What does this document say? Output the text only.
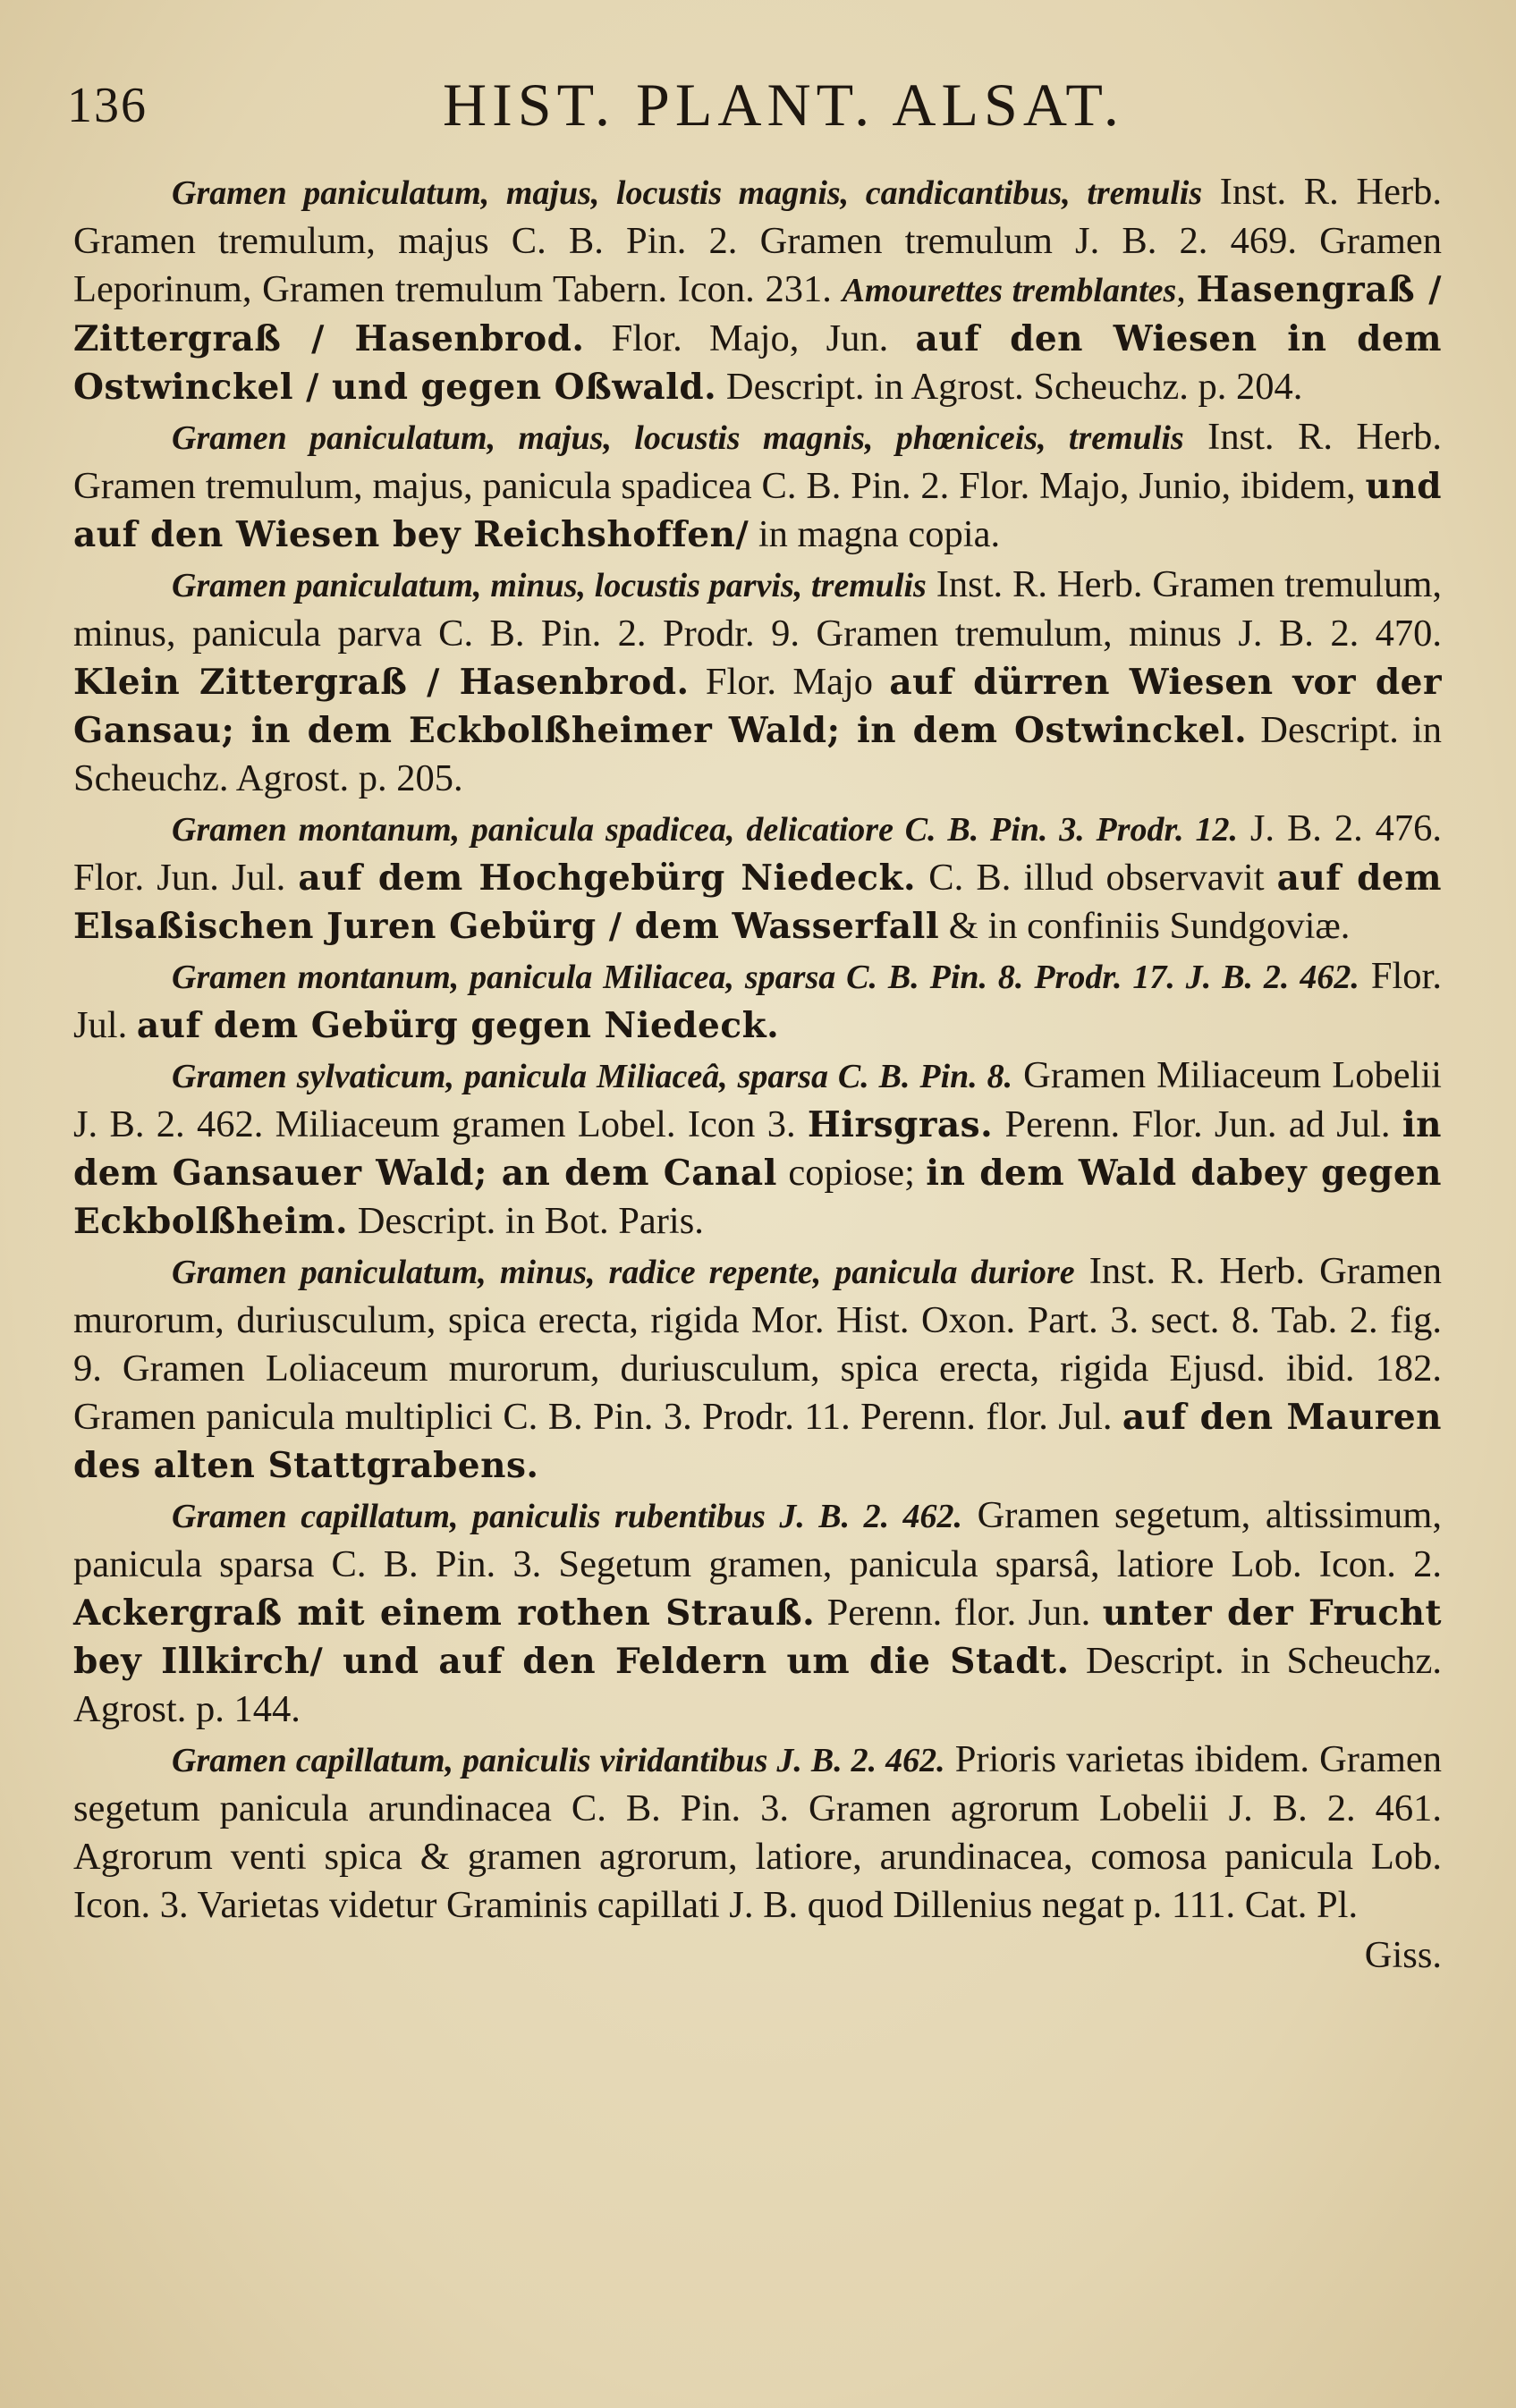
136	HIST. PLANT. ALSAT.

Gramen paniculatum, majus, locustis magnis, candicantibus, tremulis Inst. R. Herb. Gramen tremulum, majus C. B. Pin. 2. Gramen tremulum J. B. 2. 469. Gramen Leporinum, Gramen tremulum Tabern. Icon. 231. Amourettes tremblantes, Hasengraß / Zittergraß / Hasenbrod. Flor. Majo, Jun. auf den Wiesen in dem Ostwinckel / und gegen Oßwald. Descript. in Agrost. Scheuchz. p. 204.

Gramen paniculatum, majus, locustis magnis, phœniceis, tremulis Inst. R. Herb. Gramen tremulum, majus, panicula spadicea C. B. Pin. 2. Flor. Majo, Junio, ibidem, und auf den Wiesen bey Reichshoffen/ in magna copia.

Gramen paniculatum, minus, locustis parvis, tremulis Inst. R. Herb. Gramen tremulum, minus, panicula parva C. B. Pin. 2. Prodr. 9. Gramen tremulum, minus J. B. 2. 470. Klein Zittergraß / Hasenbrod. Flor. Majo auf dürren Wiesen vor der Gansau; in dem Eckbolßheimer Wald; in dem Ostwinckel. Descript. in Scheuchz. Agrost. p. 205.

Gramen montanum, panicula spadicea, delicatiore C. B. Pin. 3. Prodr. 12. J. B. 2. 476. Flor. Jun. Jul. auf dem Hochgebürg Niedeck. C. B. illud observavit auf dem Elsaßischen Juren Gebürg / dem Wasserfall & in confiniis Sundgoviæ.

Gramen montanum, panicula Miliacea, sparsa C. B. Pin. 8. Prodr. 17. J. B. 2. 462. Flor. Jul. auf dem Gebürg gegen Niedeck.

Gramen sylvaticum, panicula Miliaceâ, sparsa C. B. Pin. 8. Gramen Miliaceum Lobelii J. B. 2. 462. Miliaceum gramen Lobel. Icon 3. Hirsgras. Perenn. Flor. Jun. ad Jul. in dem Gansauer Wald; an dem Canal copiose; in dem Wald dabey gegen Eckbolßheim. Descript. in Bot. Paris.

Gramen paniculatum, minus, radice repente, panicula duriore Inst. R. Herb. Gramen murorum, duriusculum, spica erecta, rigida Mor. Hist. Oxon. Part. 3. sect. 8. Tab. 2. fig. 9. Gramen Loliaceum murorum, duriusculum, spica erecta, rigida Ejusd. ibid. 182. Gramen panicula multiplici C. B. Pin. 3. Prodr. 11. Perenn. flor. Jul. auf den Mauren des alten Stattgrabens.

Gramen capillatum, paniculis rubentibus J. B. 2. 462. Gramen segetum, altissimum, panicula sparsa C. B. Pin. 3. Segetum gramen, panicula sparsâ, latiore Lob. Icon. 2. Ackergraß mit einem rothen Strauß. Perenn. flor. Jun. unter der Frucht bey Illkirch/ und auf den Feldern um die Stadt. Descript. in Scheuchz. Agrost. p. 144.

Gramen capillatum, paniculis viridantibus J. B. 2. 462. Prioris varietas ibidem. Gramen segetum panicula arundinacea C. B. Pin. 3. Gramen agrorum Lobelii J. B. 2. 461. Agrorum venti spica & gramen agrorum, latiore, arundinacea, comosa panicula Lob. Icon. 3. Varietas videtur Graminis capillati J. B. quod Dillenius negat p. 111. Cat. Pl.

Giss.
